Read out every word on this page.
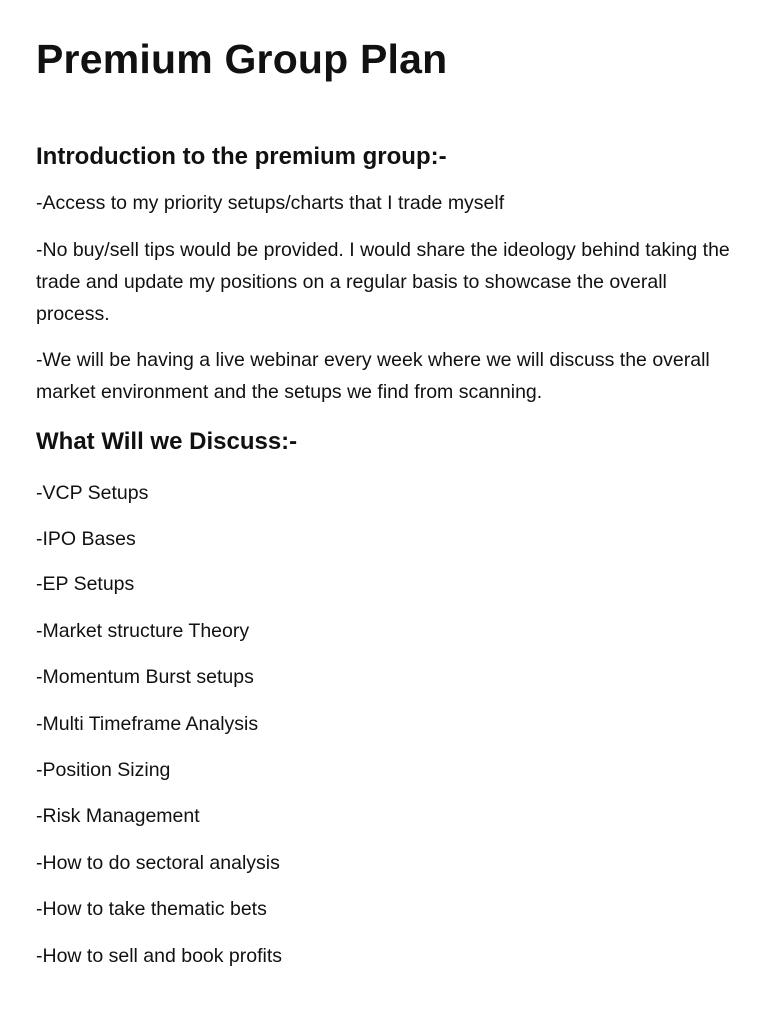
Premium Group Plan
Introduction to the premium group:-

-Access to my priority setups/charts that I trade myself

-No buy/sell tips would be provided. I would share the ideology behind taking the trade and update my positions on a regular basis to showcase the overall process.

-We will be having a live webinar every week where we will discuss the overall market environment and the setups we find from scanning.

What Will we Discuss:-

-VCP Setups

-IPO Bases

-EP Setups

-Market structure Theory

-Momentum Burst setups

-Multi Timeframe Analysis

-Position Sizing

-Risk Management

-How to do sectoral analysis

-How to take thematic bets

-How to sell and book profits
